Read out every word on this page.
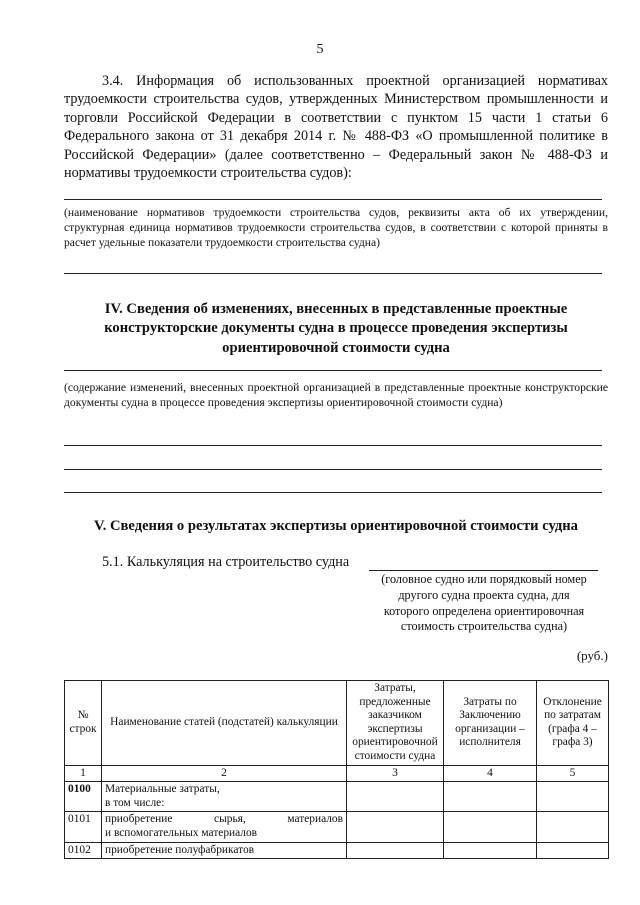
5
3.4. Информация об использованных проектной организацией нормативах трудоемкости строительства судов, утвержденных Министерством промышленности и торговли Российской Федерации в соответствии с пунктом 15 части 1 статьи 6 Федерального закона от 31 декабря 2014 г. № 488-ФЗ «О промышленной политике в Российской Федерации» (далее соответственно – Федеральный закон № 488-ФЗ и нормативы трудоемкости строительства судов):
(наименование нормативов трудоемкости строительства судов, реквизиты акта об их утверждении, структурная единица нормативов трудоемкости строительства судов, в соответствии с которой приняты в расчет удельные показатели трудоемкости строительства судна)
IV. Сведения об изменениях, внесенных в представленные проектные
конструкторские документы судна в процессе проведения экспертизы
ориентировочной стоимости судна
(содержание изменений, внесенных проектной организацией в представленные проектные конструкторские документы судна в процессе проведения экспертизы ориентировочной стоимости судна)
V. Сведения о результатах экспертизы ориентировочной стоимости судна
5.1. Калькуляция на строительство судна
(головное судно или порядковый номер
другого судна проекта судна, для
которого определена ориентировочная
стоимость строительства судна)
(руб.)
№ строк	Наименование статей (подстатей) калькуляции	Затраты, предложенные заказчиком экспертизы ориентировочной стоимости судна	Затраты по Заключению организации – исполнителя	Отклонение по затратам (графа 4 – графа 3)
1	2	3	4	5
0100	Материальные затраты,
в том числе:			

0101	приобретение сырья, материалов
и вспомогательных материалов			

0102	приобретение полуфабрикатов			
